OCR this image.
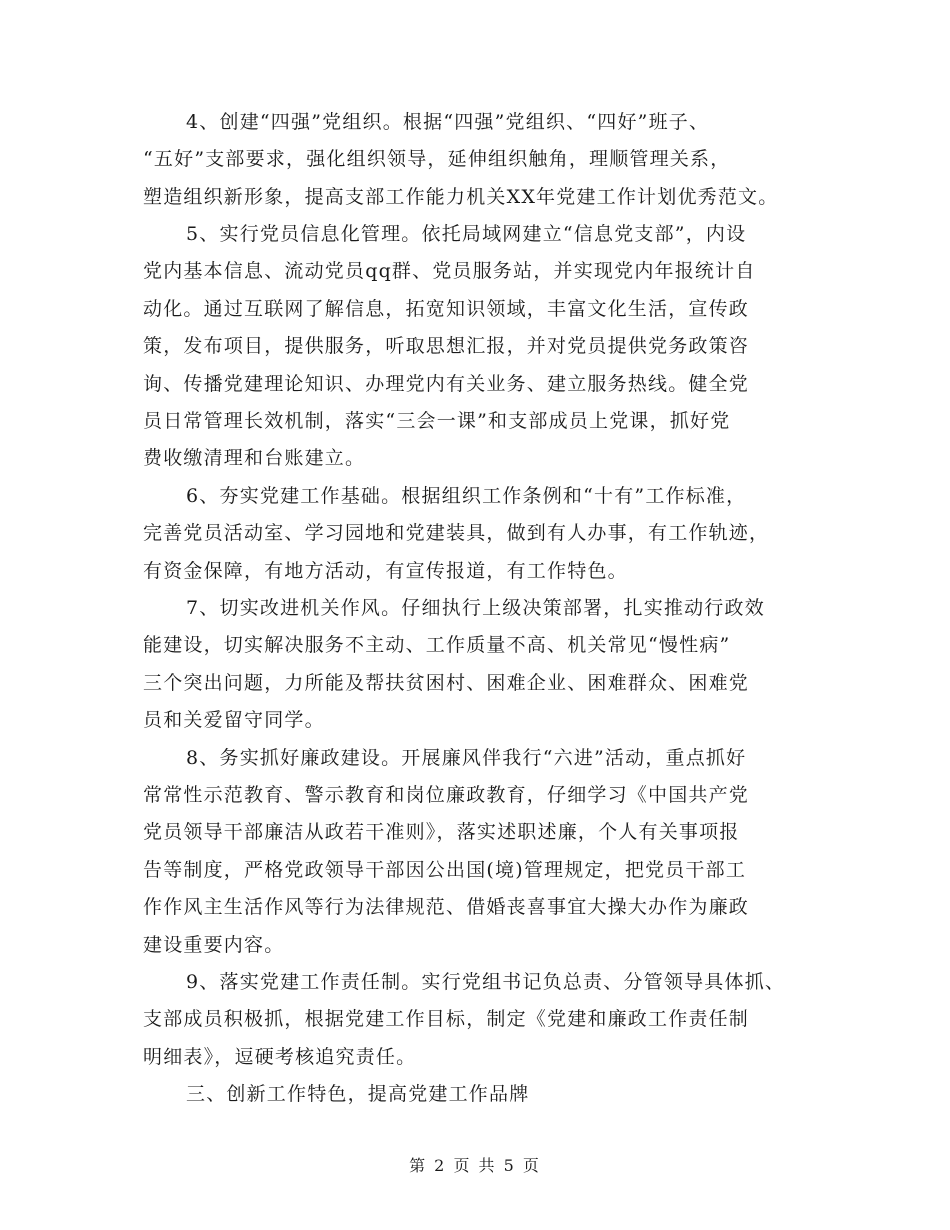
4、创建“四强”党组织。根据“四强”党组织、“四好”班子、
“五好”支部要求，强化组织领导，延伸组织触角，理顺管理关系，
塑造组织新形象，提高支部工作能力机关XX年党建工作计划优秀范文。
5、实行党员信息化管理。依托局域网建立“信息党支部”，内设
党内基本信息、流动党员qq群、党员服务站，并实现党内年报统计自
动化。通过互联网了解信息，拓宽知识领域，丰富文化生活，宣传政
策，发布项目，提供服务，听取思想汇报，并对党员提供党务政策咨
询、传播党建理论知识、办理党内有关业务、建立服务热线。健全党
员日常管理长效机制，落实“三会一课”和支部成员上党课，抓好党
费收缴清理和台账建立。
6、夯实党建工作基础。根据组织工作条例和“十有”工作标准，
完善党员活动室、学习园地和党建装具，做到有人办事，有工作轨迹，
有资金保障，有地方活动，有宣传报道，有工作特色。
7、切实改进机关作风。仔细执行上级决策部署，扎实推动行政效
能建设，切实解决服务不主动、工作质量不高、机关常见“慢性病”
三个突出问题，力所能及帮扶贫困村、困难企业、困难群众、困难党
员和关爱留守同学。
8、务实抓好廉政建设。开展廉风伴我行“六进”活动，重点抓好
常常性示范教育、警示教育和岗位廉政教育，仔细学习《中国共产党
党员领导干部廉洁从政若干准则》，落实述职述廉，个人有关事项报
告等制度，严格党政领导干部因公出国(境)管理规定，把党员干部工
作作风主生活作风等行为法律规范、借婚丧喜事宜大操大办作为廉政
建设重要内容。
9、落实党建工作责任制。实行党组书记负总责、分管领导具体抓、
支部成员积极抓，根据党建工作目标，制定《党建和廉政工作责任制
明细表》，逗硬考核追究责任。
三、创新工作特色，提高党建工作品牌
第 2 页 共 5 页
